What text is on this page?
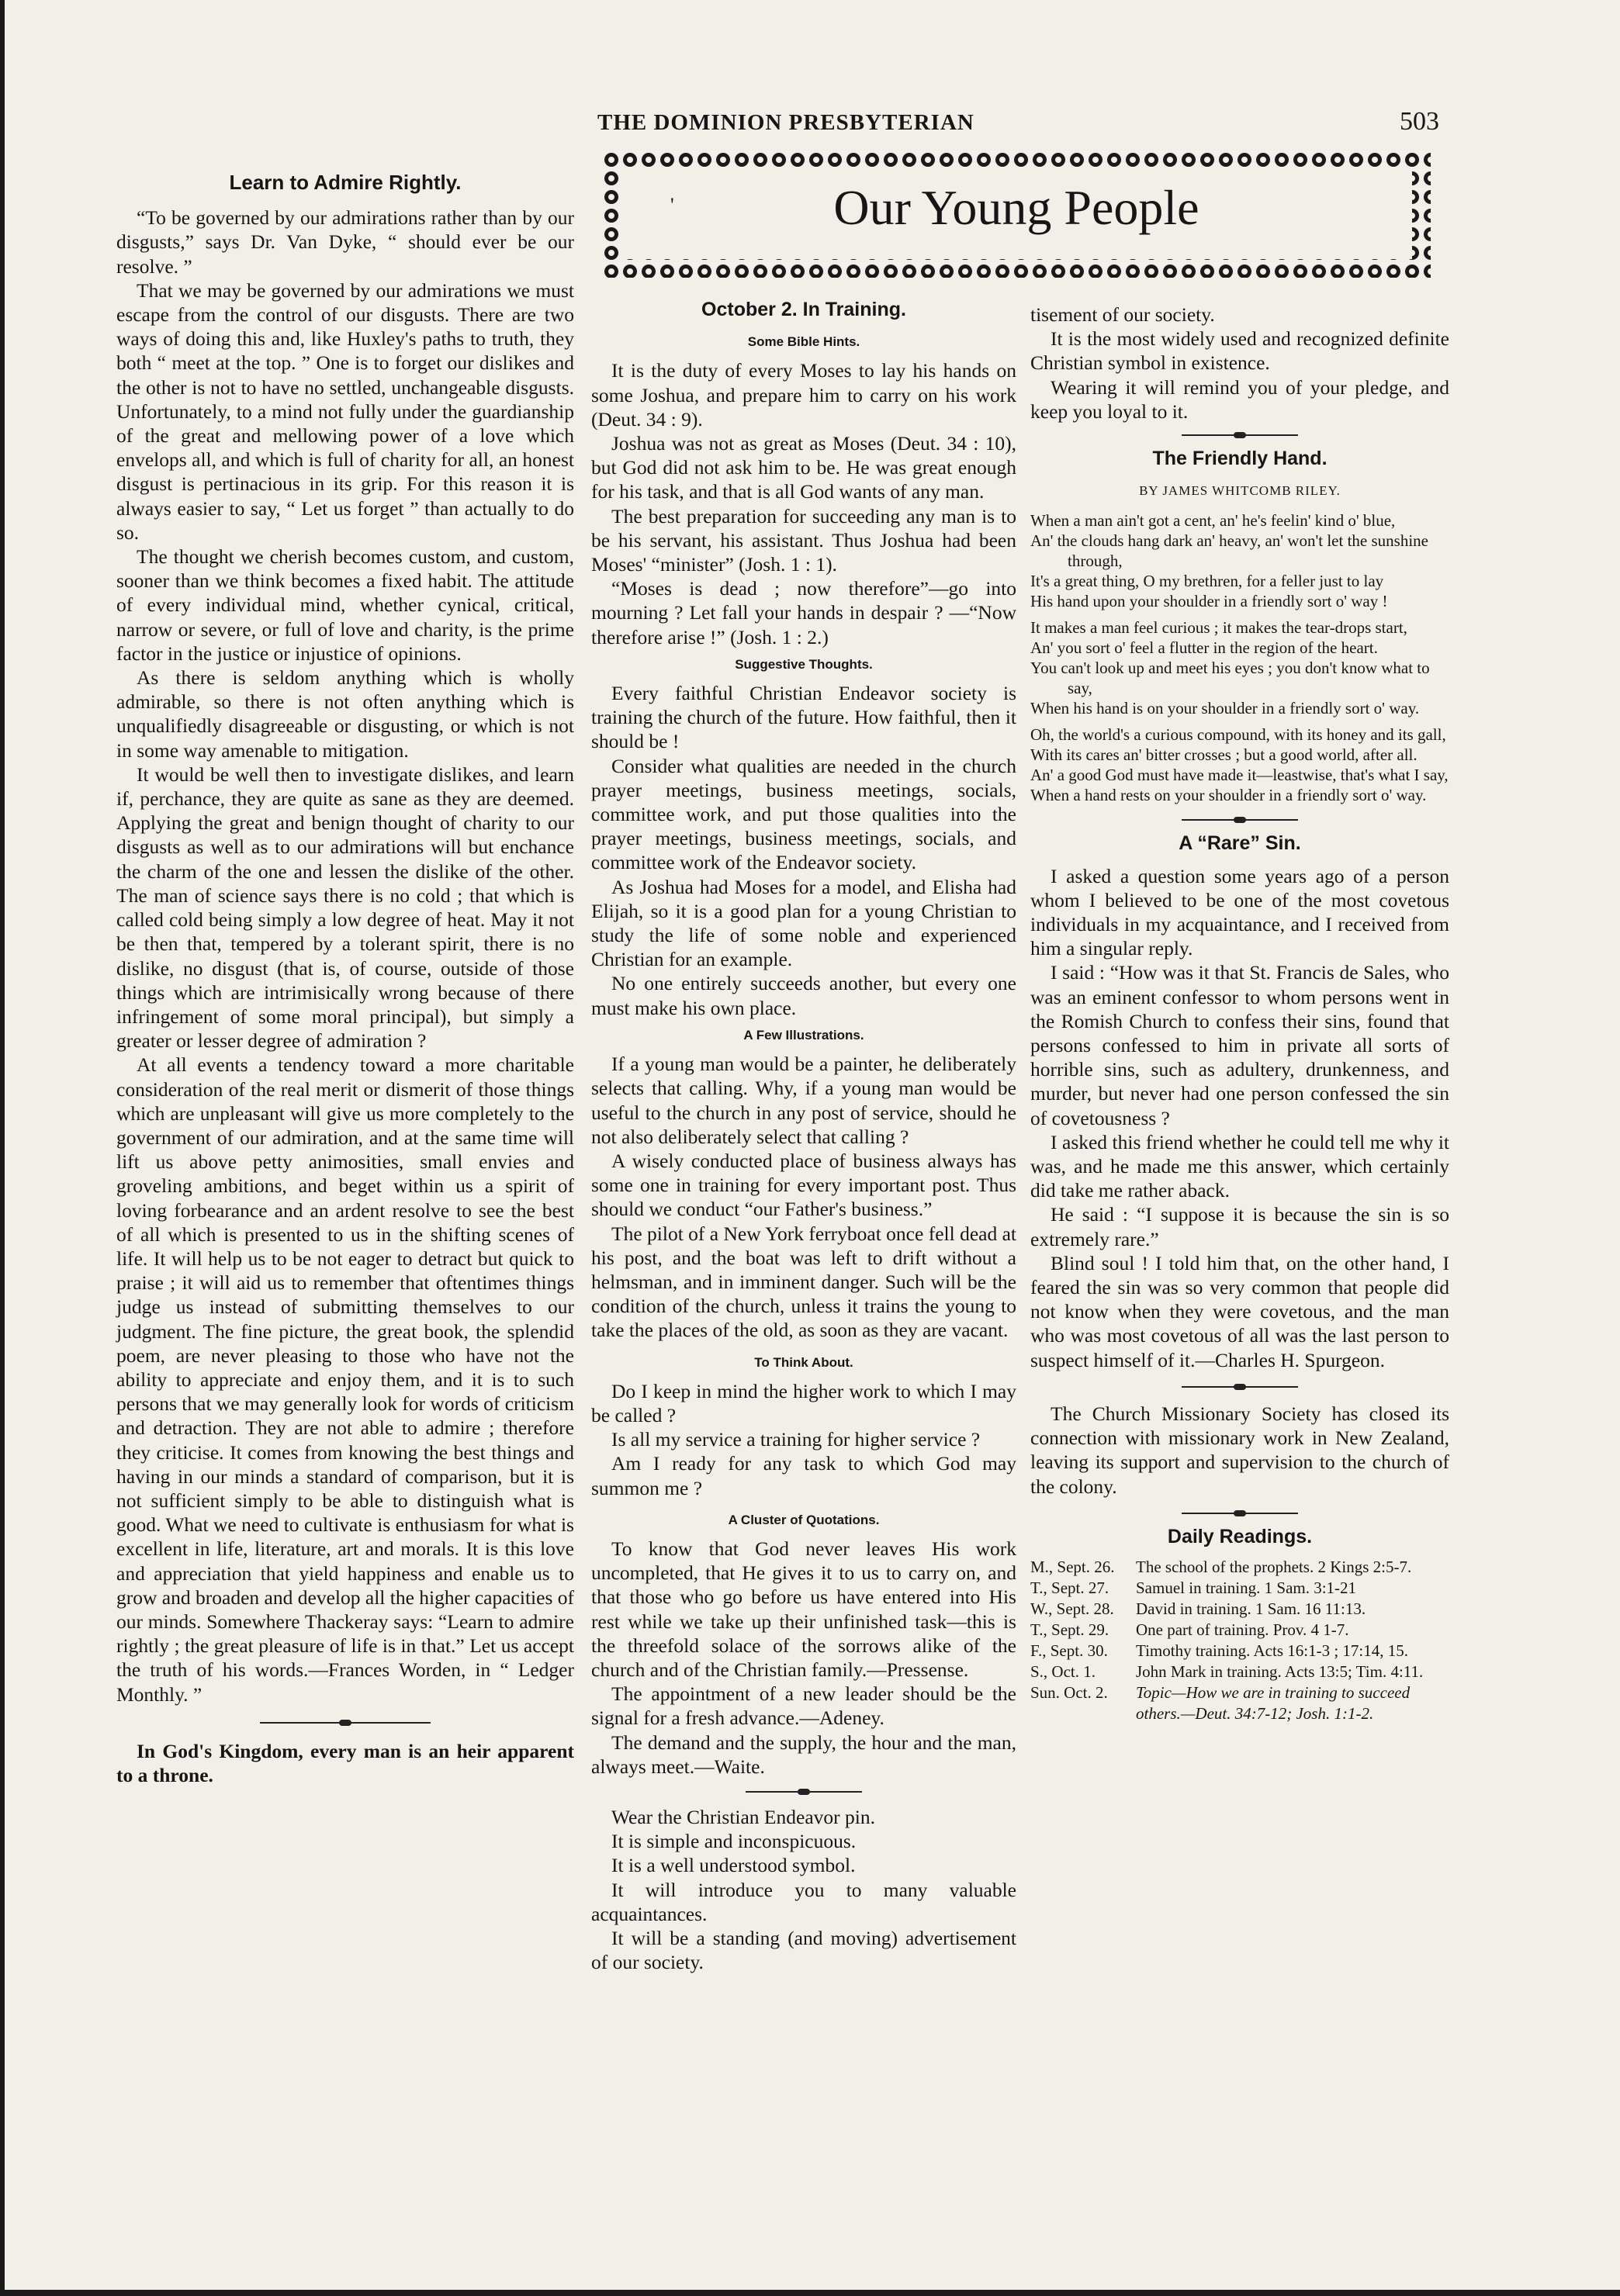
THE DOMINION PRESBYTERIAN	503
'	Our Young People
Learn to Admire Rightly.

“To be governed by our admirations rather than by our disgusts,” says Dr. Van Dyke, “ should ever be our resolve. ”

That we may be governed by our admirations we must escape from the control of our disgusts. There are two ways of doing this and, like Huxley's paths to truth, they both “ meet at the top. ” One is to forget our dislikes and the other is not to have no settled, unchangeable disgusts. Unfortunately, to a mind not fully under the guardianship of the great and mellowing power of a love which envelops all, and which is full of charity for all, an honest disgust is pertinacious in its grip. For this reason it is always easier to say, “ Let us forget ” than actually to do so.

The thought we cherish becomes custom, and custom, sooner than we think becomes a fixed habit. The attitude of every individual mind, whether cynical, critical, narrow or severe, or full of love and charity, is the prime factor in the justice or injustice of opinions.

As there is seldom anything which is wholly admirable, so there is not often anything which is unqualifiedly disagreeable or disgusting, or which is not in some way amenable to mitigation.

It would be well then to investigate dislikes, and learn if, perchance, they are quite as sane as they are deemed. Applying the great and benign thought of charity to our disgusts as well as to our admirations will but enchance the charm of the one and lessen the dislike of the other. The man of science says there is no cold ; that which is called cold being simply a low degree of heat. May it not be then that, tempered by a tolerant spirit, there is no dislike, no disgust (that is, of course, outside of those things which are intrimisically wrong because of there infringement of some moral principal), but simply a greater or lesser degree of admiration ?

At all events a tendency toward a more charitable consideration of the real merit or dismerit of those things which are unpleasant will give us more completely to the government of our admiration, and at the same time will lift us above petty animosities, small envies and groveling ambitions, and beget within us a spirit of loving forbearance and an ardent resolve to see the best of all which is presented to us in the shifting scenes of life. It will help us to be not eager to detract but quick to praise ; it will aid us to remember that oftentimes things judge us instead of submitting themselves to our judgment. The fine picture, the great book, the splendid poem, are never pleasing to those who have not the ability to appreciate and enjoy them, and it is to such persons that we may generally look for words of criticism and detraction. They are not able to admire ; therefore they criticise. It comes from knowing the best things and having in our minds a standard of comparison, but it is not sufficient simply to be able to distinguish what is good. What we need to cultivate is enthusiasm for what is excellent in life, literature, art and morals. It is this love and appreciation that yield happiness and enable us to grow and broaden and develop all the higher capacities of our minds. Somewhere Thackeray says: “Learn to admire rightly ; the great pleasure of life is in that.” Let us accept the truth of his words.—Frances Worden, in “ Ledger Monthly. ”

In God's Kingdom, every man is an heir apparent to a throne.

October 2. In Training.
Some Bible Hints.

It is the duty of every Moses to lay his hands on some Joshua, and prepare him to carry on his work (Deut. 34 : 9).

Joshua was not as great as Moses (Deut. 34 : 10), but God did not ask him to be. He was great enough for his task, and that is all God wants of any man.

The best preparation for succeeding any man is to be his servant, his assistant. Thus Joshua had been Moses' “minister” (Josh. 1 : 1).

“Moses is dead ; now therefore”—go into mourning ? Let fall your hands in despair ? —“Now therefore arise !” (Josh. 1 : 2.)

Suggestive Thoughts.

Every faithful Christian Endeavor society is training the church of the future. How faithful, then it should be !

Consider what qualities are needed in the church prayer meetings, business meetings, socials, committee work, and put those qualities into the prayer meetings, business meetings, socials, and committee work of the Endeavor society.

As Joshua had Moses for a model, and Elisha had Elijah, so it is a good plan for a young Christian to study the life of some noble and experienced Christian for an example.

No one entirely succeeds another, but every one must make his own place.

A Few Illustrations.

If a young man would be a painter, he deliberately selects that calling. Why, if a young man would be useful to the church in any post of service, should he not also deliberately select that calling ?

A wisely conducted place of business always has some one in training for every important post. Thus should we conduct “our Father's business.”

The pilot of a New York ferryboat once fell dead at his post, and the boat was left to drift without a helmsman, and in imminent danger. Such will be the condition of the church, unless it trains the young to take the places of the old, as soon as they are vacant.

To Think About.

Do I keep in mind the higher work to which I may be called ?

Is all my service a training for higher service ?

Am I ready for any task to which God may summon me ?

A Cluster of Quotations.

To know that God never leaves His work uncompleted, that He gives it to us to carry on, and that those who go before us have entered into His rest while we take up their unfinished task—this is the threefold solace of the sorrows alike of the church and of the Christian family.—Pressense.

The appointment of a new leader should be the signal for a fresh advance.—Adeney.

The demand and the supply, the hour and the man, always meet.—Waite.

Wear the Christian Endeavor pin.

It is simple and inconspicuous.

It is a well understood symbol.

It will introduce you to many valuable acquaintances.

It will be a standing (and moving) advertisement of our society.

tisement of our society.

It is the most widely used and recognized definite Christian symbol in existence.

Wearing it will remind you of your pledge, and keep you loyal to it.

The Friendly Hand.
BY JAMES WHITCOMB RILEY.
When a man ain't got a cent, an' he's feelin' kind o' blue,
An' the clouds hang dark an' heavy, an' won't let the sunshine through,
It's a great thing, O my brethren, for a feller just to lay
His hand upon your shoulder in a friendly sort o' way !
It makes a man feel curious ; it makes the tear-drops start,
An' you sort o' feel a flutter in the region of the heart.
You can't look up and meet his eyes ; you don't know what to say,
When his hand is on your shoulder in a friendly sort o' way.
Oh, the world's a curious compound, with its honey and its gall,
With its cares an' bitter crosses ; but a good world, after all.
An' a good God must have made it—leastwise, that's what I say,
When a hand rests on your shoulder in a friendly sort o' way.
A “Rare” Sin.

I asked a question some years ago of a person whom I believed to be one of the most covetous individuals in my acquaintance, and I received from him a singular reply.

I said : “How was it that St. Francis de Sales, who was an eminent confessor to whom persons went in the Romish Church to confess their sins, found that persons confessed to him in private all sorts of horrible sins, such as adultery, drunkenness, and murder, but never had one person confessed the sin of covetousness ?

I asked this friend whether he could tell me why it was, and he made me this answer, which certainly did take me rather aback.

He said : “I suppose it is because the sin is so extremely rare.”

Blind soul ! I told him that, on the other hand, I feared the sin was so very common that people did not know when they were covetous, and the man who was most covetous of all was the last person to suspect himself of it.—Charles H. Spurgeon.

The Church Missionary Society has closed its connection with missionary work in New Zealand, leaving its support and supervision to the church of the colony.

Daily Readings.
M., Sept. 26.	The school of the prophets. 2 Kings 2:5-7.
T., Sept. 27.	Samuel in training. 1 Sam. 3:1-21
W., Sept. 28.	David in training. 1 Sam. 16 11:13.
T., Sept. 29.	One part of training. Prov. 4 1-7.
F., Sept. 30.	Timothy training. Acts 16:1-3 ; 17:14, 15.
S., Oct. 1.	John Mark in training. Acts 13:5; Tim. 4:11.
Sun. Oct. 2.	Topic—How we are in training to succeed others.—Deut. 34:7-12; Josh. 1:1-2.
